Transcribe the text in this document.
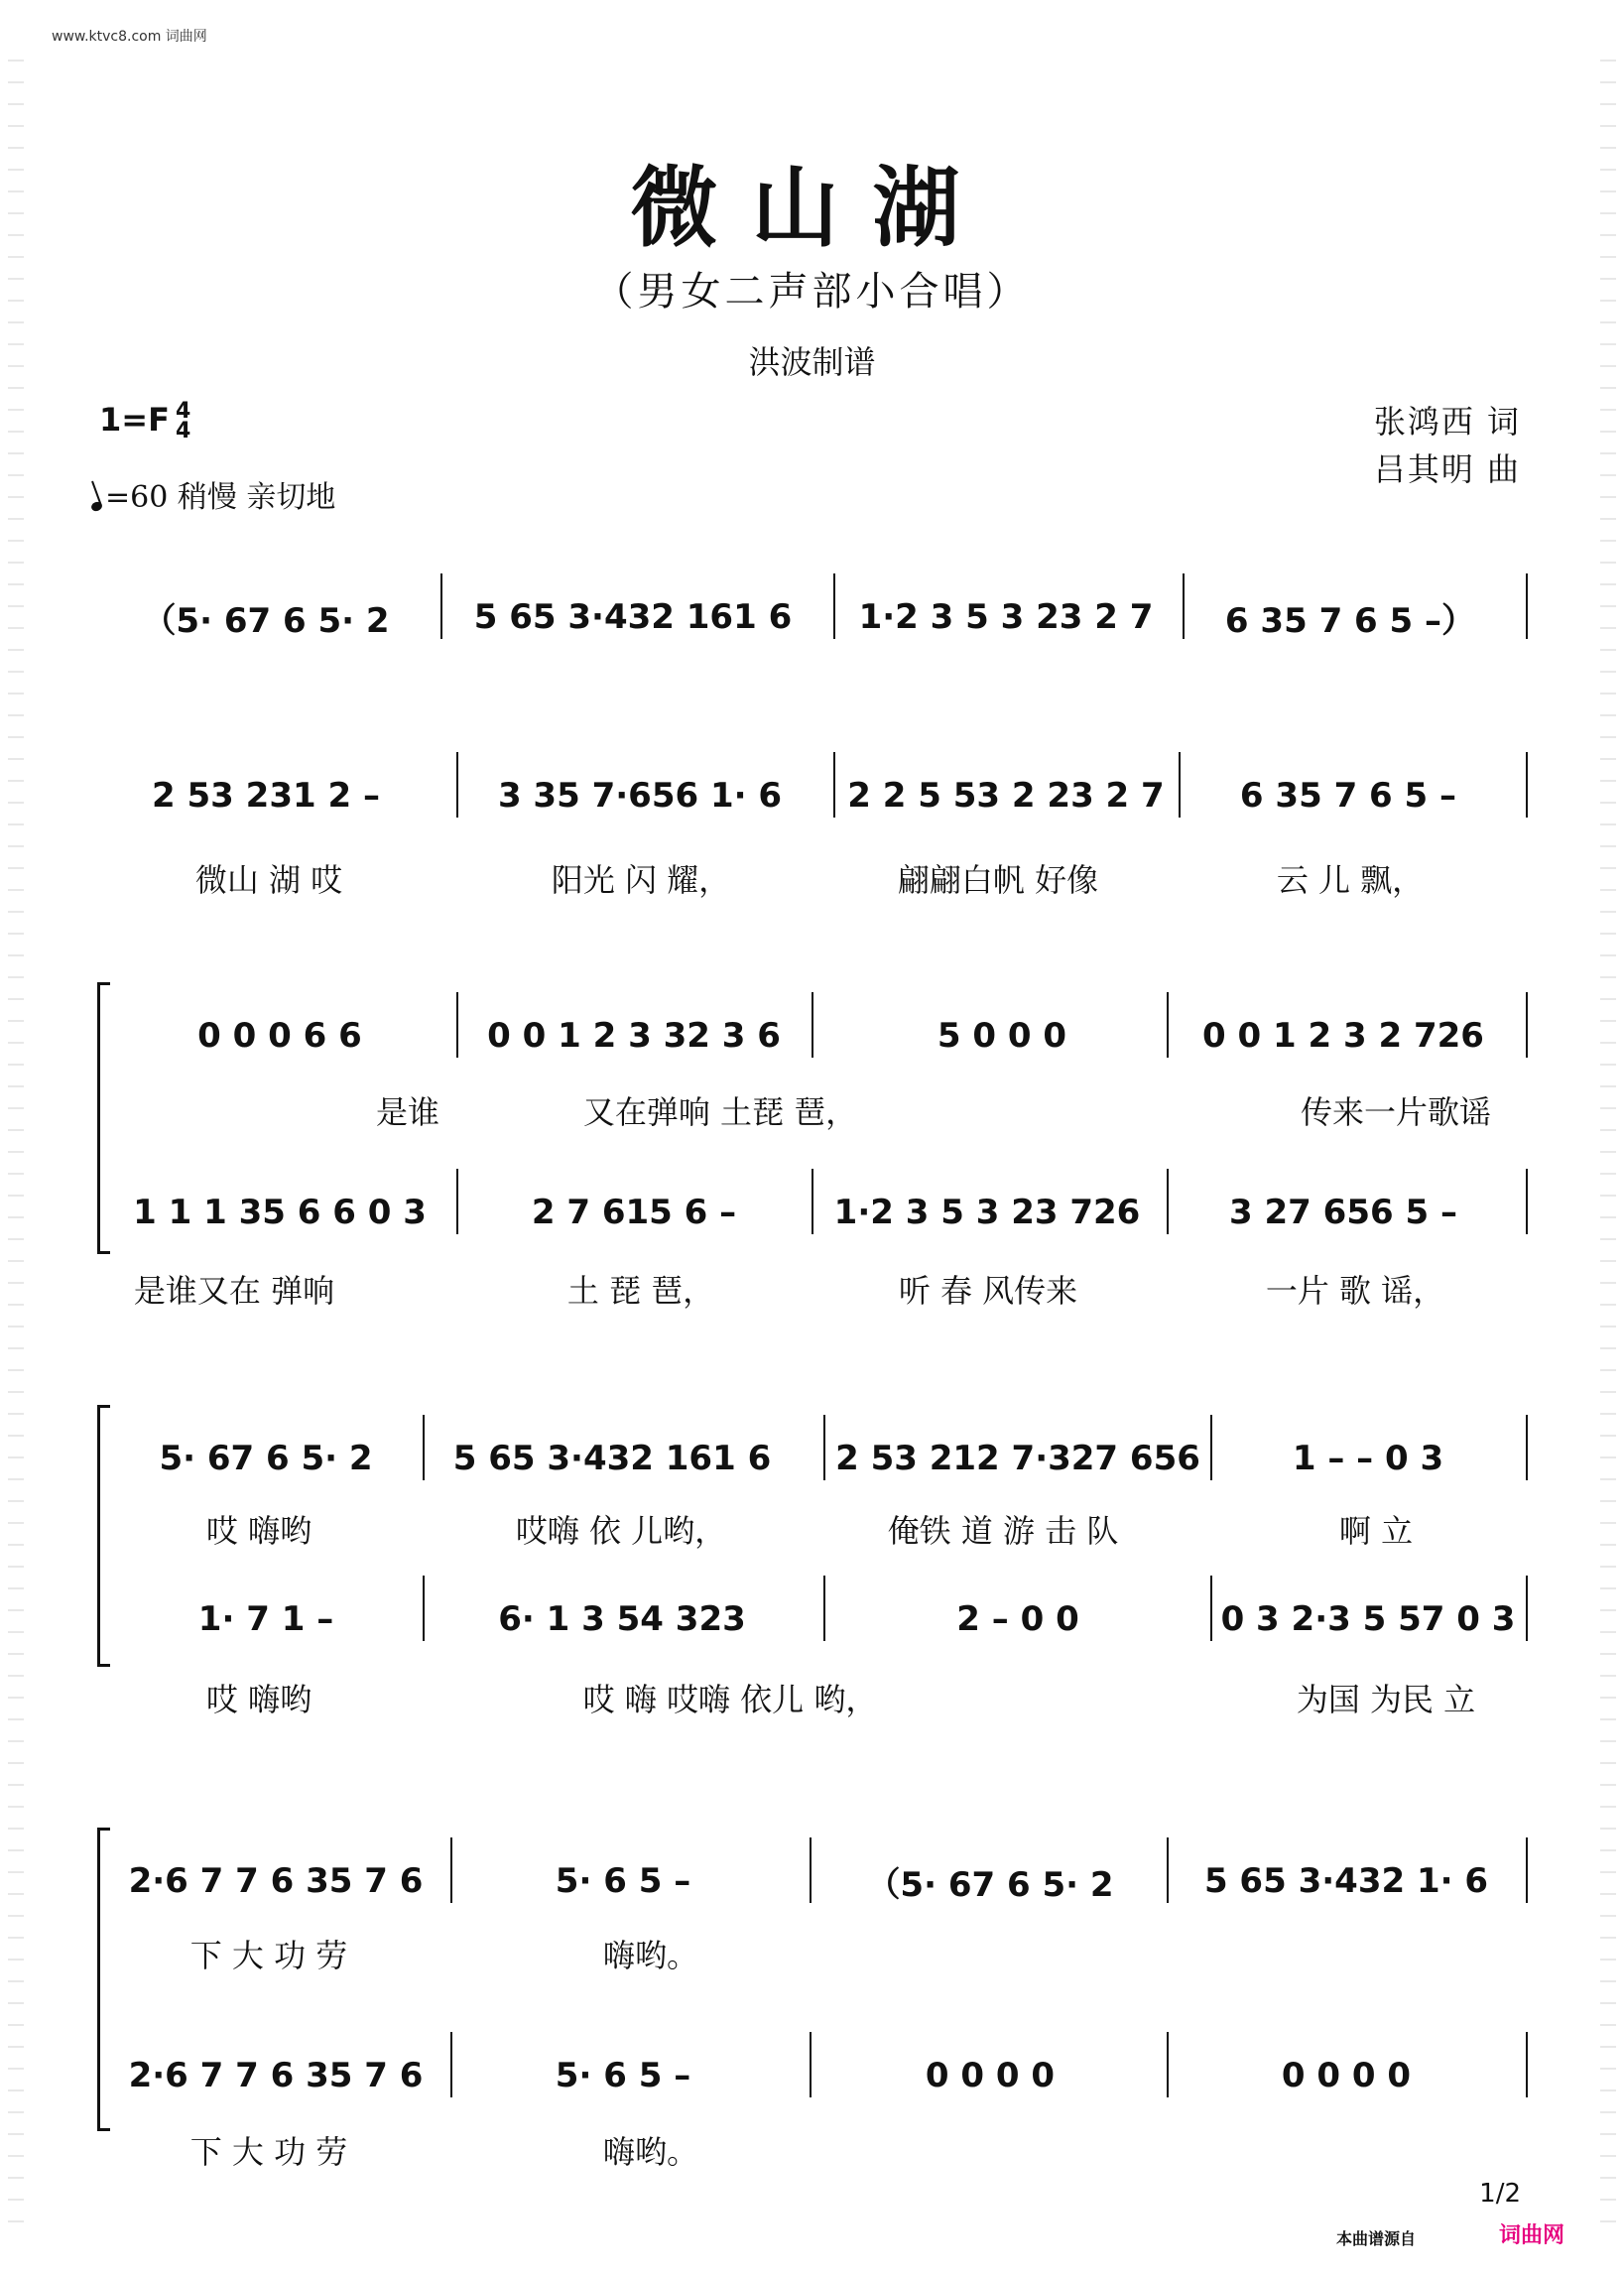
www.ktvc8.com 词曲网
微山湖
（男女二声部小合唱）
洪波制谱
1=F 4
4
=60 稍慢 亲切地
张鸿西 词
吕其明 曲
（5· 67 6 5· 2	5 65 3·432 161 6	1·2 3 5 3 23 2 7	6 35 7 6 5 –）
2 53 231 2 –	3 35 7·656 1· 6	2 2 5 53 2 23 2 7	6 35 7 6 5 –
微山 湖 哎	阳光 闪 耀，	翩翩白帆 好像	云 儿 飘，
0 0 0 6 6	0 0 1 2 3 32 3 6	5 0 0 0	0 0 1 2 3 2 726
是谁	又在弹响 土琵 琶，	传来一片歌谣
1 1 1 35 6 6 0 3	2 7 615 6 –	1·2 3 5 3 23 726	3 27 656 5 –
是谁又在 弹响	土 琵 琶，	听 春 风传来	一片 歌 谣，
5· 67 6 5· 2	5 65 3·432 161 6	2 53 212 7·327 656	1 – – 0 3
哎 嗨哟	哎嗨 依 儿哟，	俺铁 道 游 击 队	啊 立
1· 7 1 –	6· 1 3 54 323	2 – 0 0	0 3 2·3 5 57 0 3
哎 嗨哟	哎 嗨 哎嗨 依儿 哟，	为国 为民 立
2·6 7 7 6 35 7 6	5· 6 5 –	（5· 67 6 5· 2	5 65 3·432 1· 6
下 大 功 劳	嗨哟。
2·6 7 7 6 35 7 6	5· 6 5 –	0 0 0 0	0 0 0 0
下 大 功 劳	嗨哟。
1/2
本曲谱源自	词曲网
